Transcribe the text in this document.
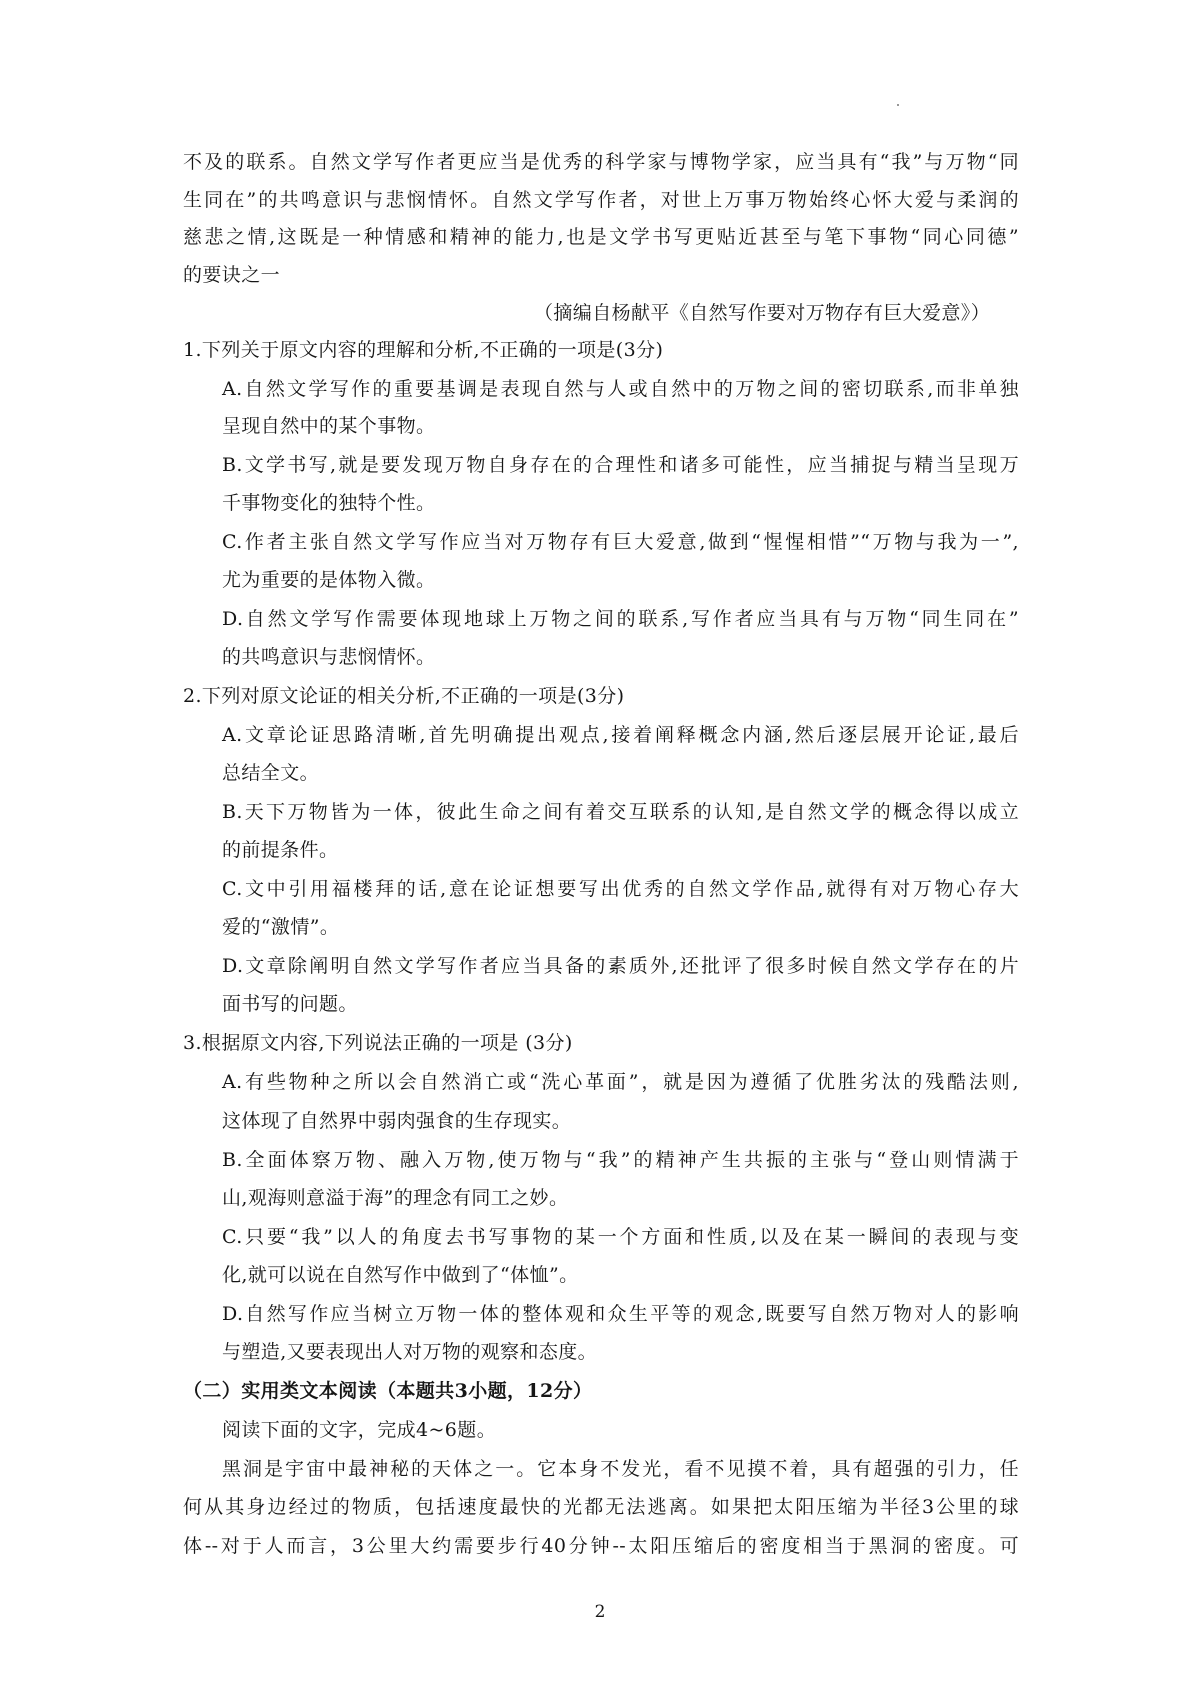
不及的联系。自然文学写作者更应当是优秀的科学家与博物学家，应当具有“我”与万物“同
生同在”的共鸣意识与悲悯情怀。自然文学写作者，对世上万事万物始终心怀大爱与柔润的
慈悲之情,这既是一种情感和精神的能力,也是文学书写更贴近甚至与笔下事物“同心同德”
的要诀之一
（摘编自杨献平《自然写作要对万物存有巨大爱意》）
1.下列关于原文内容的理解和分析,不正确的一项是(3分)
A.自然文学写作的重要基调是表现自然与人或自然中的万物之间的密切联系,而非单独
呈现自然中的某个事物。
B.文学书写,就是要发现万物自身存在的合理性和诸多可能性，应当捕捉与精当呈现万
千事物变化的独特个性。
C.作者主张自然文学写作应当对万物存有巨大爱意,做到“惺惺相惜”“万物与我为一”,
尤为重要的是体物入微。
D.自然文学写作需要体现地球上万物之间的联系,写作者应当具有与万物“同生同在”
的共鸣意识与悲悯情怀。
2.下列对原文论证的相关分析,不正确的一项是(3分)
A.文章论证思路清晰,首先明确提出观点,接着阐释概念内涵,然后逐层展开论证,最后
总结全文。
B.天下万物皆为一体，彼此生命之间有着交互联系的认知,是自然文学的概念得以成立
的前提条件。
C.文中引用福楼拜的话,意在论证想要写出优秀的自然文学作品,就得有对万物心存大
爱的“激情”。
D.文章除阐明自然文学写作者应当具备的素质外,还批评了很多时候自然文学存在的片
面书写的问题。
3.根据原文内容,下列说法正确的一项是 (3分)
A.有些物种之所以会自然消亡或“洗心革面”，就是因为遵循了优胜劣汰的残酷法则,
这体现了自然界中弱肉强食的生存现实。
B.全面体察万物、融入万物,使万物与“我”的精神产生共振的主张与“登山则情满于
山,观海则意溢于海”的理念有同工之妙。
C.只要“我”以人的角度去书写事物的某一个方面和性质,以及在某一瞬间的表现与变
化,就可以说在自然写作中做到了“体恤”。
D.自然写作应当树立万物一体的整体观和众生平等的观念,既要写自然万物对人的影响
与塑造,又要表现出人对万物的观察和态度。
（二）实用类文本阅读（本题共3小题，12分）
阅读下面的文字，完成4~6题。
黑洞是宇宙中最神秘的天体之一。它本身不发光，看不见摸不着，具有超强的引力，任
何从其身边经过的物质，包括速度最快的光都无法逃离。如果把太阳压缩为半径3公里的球
体--对于人而言，3公里大约需要步行40分钟--太阳压缩后的密度相当于黑洞的密度。可
2
